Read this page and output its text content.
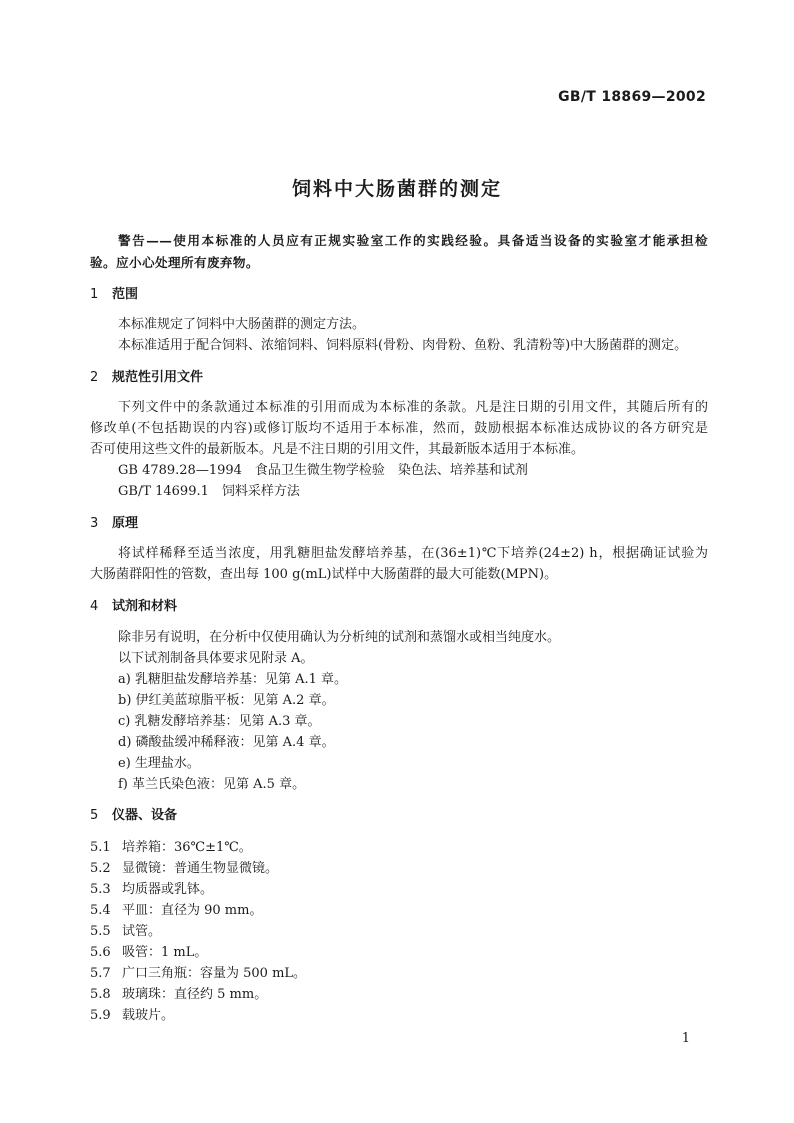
GB/T 18869—2002
饲料中大肠菌群的测定
警告——使用本标准的人员应有正规实验室工作的实践经验。具备适当设备的实验室才能承担检
验。应小心处理所有废弃物。
1 范围
本标准规定了饲料中大肠菌群的测定方法。
本标准适用于配合饲料、浓缩饲料、饲料原料(骨粉、肉骨粉、鱼粉、乳清粉等)中大肠菌群的测定。
2 规范性引用文件
下列文件中的条款通过本标准的引用而成为本标准的条款。凡是注日期的引用文件，其随后所有的
修改单(不包括勘误的内容)或修订版均不适用于本标准，然而，鼓励根据本标准达成协议的各方研究是
否可使用这些文件的最新版本。凡是不注日期的引用文件，其最新版本适用于本标准。
GB 4789.28—1994　食品卫生微生物学检验　染色法、培养基和试剂
GB/T 14699.1　饲料采样方法
3 原理
将试样稀释至适当浓度，用乳糖胆盐发酵培养基，在(36±1)℃下培养(24±2) h，根据确证试验为
大肠菌群阳性的管数，查出每 100 g(mL)试样中大肠菌群的最大可能数(MPN)。
4 试剂和材料
除非另有说明，在分析中仅使用确认为分析纯的试剂和蒸馏水或相当纯度水。
以下试剂制备具体要求见附录 A。
a) 乳糖胆盐发酵培养基：见第 A.1 章。
b) 伊红美蓝琼脂平板：见第 A.2 章。
c) 乳糖发酵培养基：见第 A.3 章。
d) 磷酸盐缓冲稀释液：见第 A.4 章。
e) 生理盐水。
f) 革兰氏染色液：见第 A.5 章。
5 仪器、设备
5.1 培养箱：36℃±1℃。
5.2 显微镜：普通生物显微镜。
5.3 均质器或乳钵。
5.4 平皿：直径为 90 mm。
5.5 试管。
5.6 吸管：1 mL。
5.7 广口三角瓶：容量为 500 mL。
5.8 玻璃珠：直径约 5 mm。
5.9 载玻片。
1
